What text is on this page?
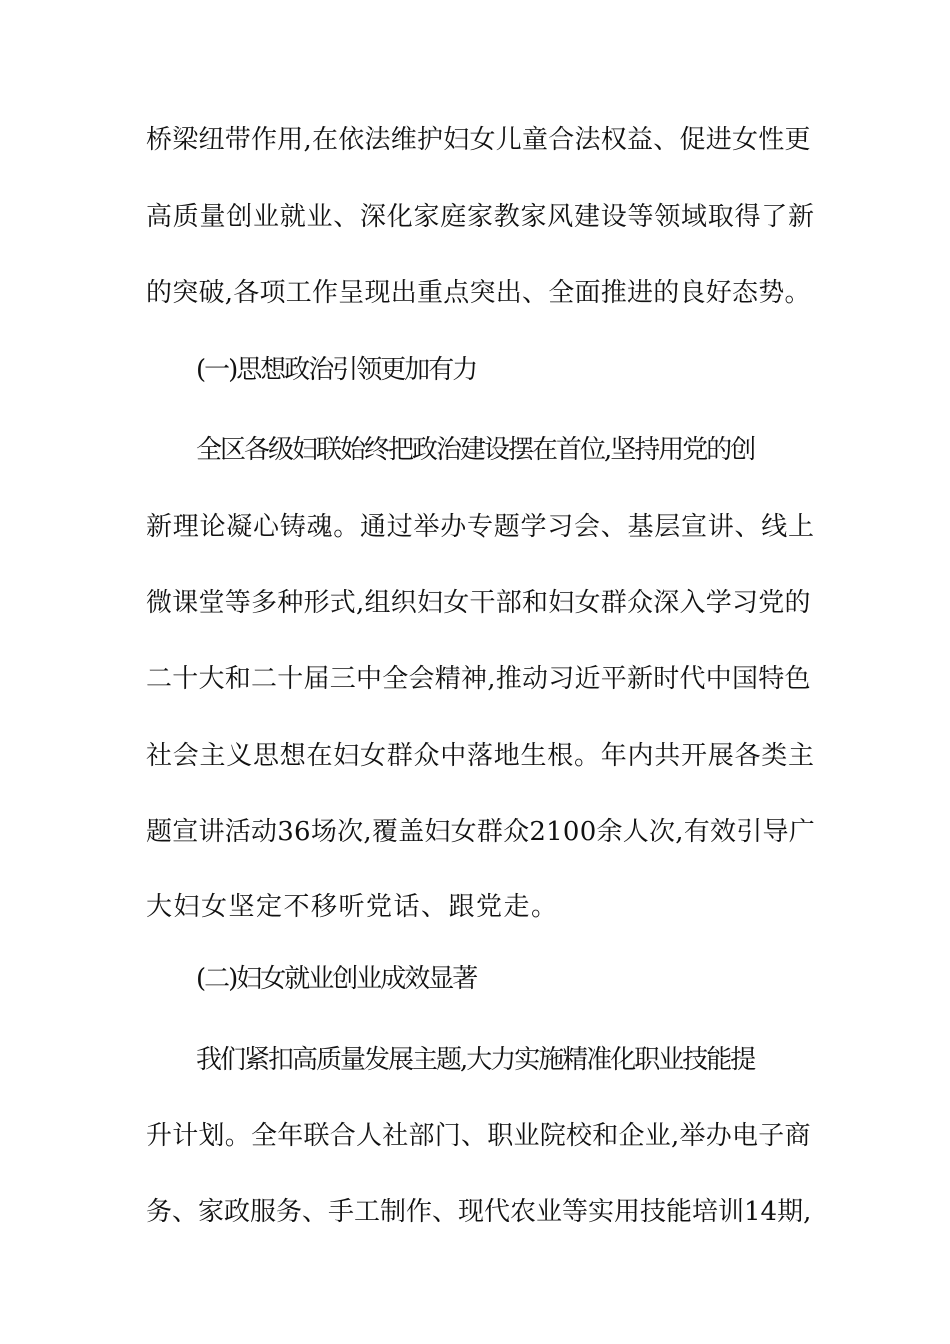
桥梁纽带作用,在依法维护妇女儿童合法权益、促进女性更
高质量创业就业、深化家庭家教家风建设等领域取得了新
的突破,各项工作呈现出重点突出、全面推进的良好态势。
(一)思想政治引领更加有力
全区各级妇联始终把政治建设摆在首位,坚持用党的创
新理论凝心铸魂。通过举办专题学习会、基层宣讲、线上
微课堂等多种形式,组织妇女干部和妇女群众深入学习党的
二十大和二十届三中全会精神,推动习近平新时代中国特色
社会主义思想在妇女群众中落地生根。年内共开展各类主
题宣讲活动36场次,覆盖妇女群众2100余人次,有效引导广
大妇女坚定不移听党话、跟党走。
(二)妇女就业创业成效显著
我们紧扣高质量发展主题,大力实施精准化职业技能提
升计划。全年联合人社部门、职业院校和企业,举办电子商
务、家政服务、手工制作、现代农业等实用技能培训14期,
